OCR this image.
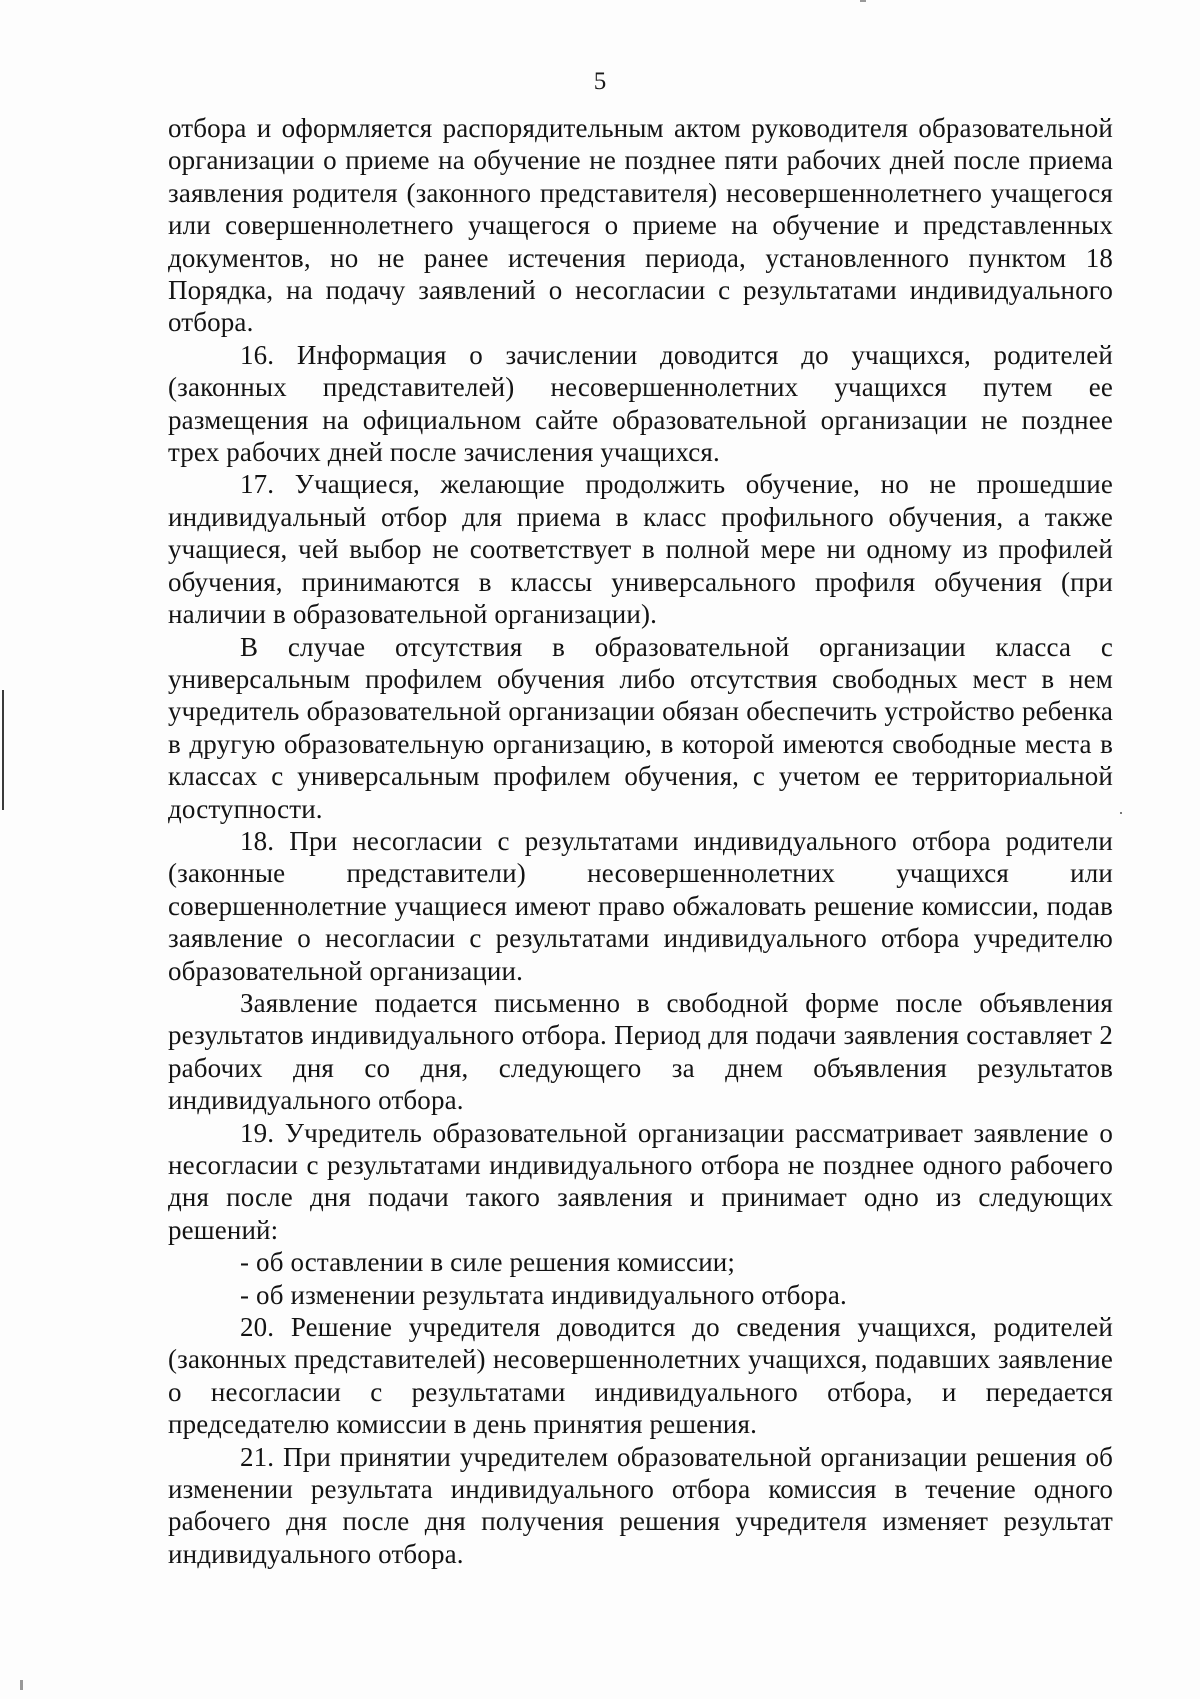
5

отбора и оформляется распорядительным актом руководителя образовательной организации о приеме на обучение не позднее пяти рабочих дней после приема заявления родителя (законного представителя) несовершеннолетнего учащегося или совершеннолетнего учащегося о приеме на обучение и представленных документов, но не ранее истечения периода, установленного пунктом 18 Порядка, на подачу заявлений о несогласии с результатами индивидуального отбора.

16. Информация о зачислении доводится до учащихся, родителей (законных представителей) несовершеннолетних учащихся путем ее размещения на официальном сайте образовательной организации не позднее трех рабочих дней после зачисления учащихся.

17. Учащиеся, желающие продолжить обучение, но не прошедшие индивидуальный отбор для приема в класс профильного обучения, а также учащиеся, чей выбор не соответствует в полной мере ни одному из профилей обучения, принимаются в классы универсального профиля обучения (при наличии в образовательной организации).

В случае отсутствия в образовательной организации класса с универсальным профилем обучения либо отсутствия свободных мест в нем учредитель образовательной организации обязан обеспечить устройство ребенка в другую образовательную организацию, в которой имеются свободные места в классах с универсальным профилем обучения, с учетом ее территориальной доступности.

18. При несогласии с результатами индивидуального отбора родители (законные представители) несовершеннолетних учащихся или совершеннолетние учащиеся имеют право обжаловать решение комиссии, подав заявление о несогласии с результатами индивидуального отбора учредителю образовательной организации.

Заявление подается письменно в свободной форме после объявления результатов индивидуального отбора. Период для подачи заявления составляет 2 рабочих дня со дня, следующего за днем объявления результатов индивидуального отбора.

19. Учредитель образовательной организации рассматривает заявление о несогласии с результатами индивидуального отбора не позднее одного рабочего дня после дня подачи такого заявления и принимает одно из следующих решений:

- об оставлении в силе решения комиссии;

- об изменении результата индивидуального отбора.

20. Решение учредителя доводится до сведения учащихся, родителей (законных представителей) несовершеннолетних учащихся, подавших заявление о несогласии с результатами индивидуального отбора, и передается председателю комиссии в день принятия решения.

21. При принятии учредителем образовательной организации решения об изменении результата индивидуального отбора комиссия в течение одного рабочего дня после дня получения решения учредителя изменяет результат индивидуального отбора.
